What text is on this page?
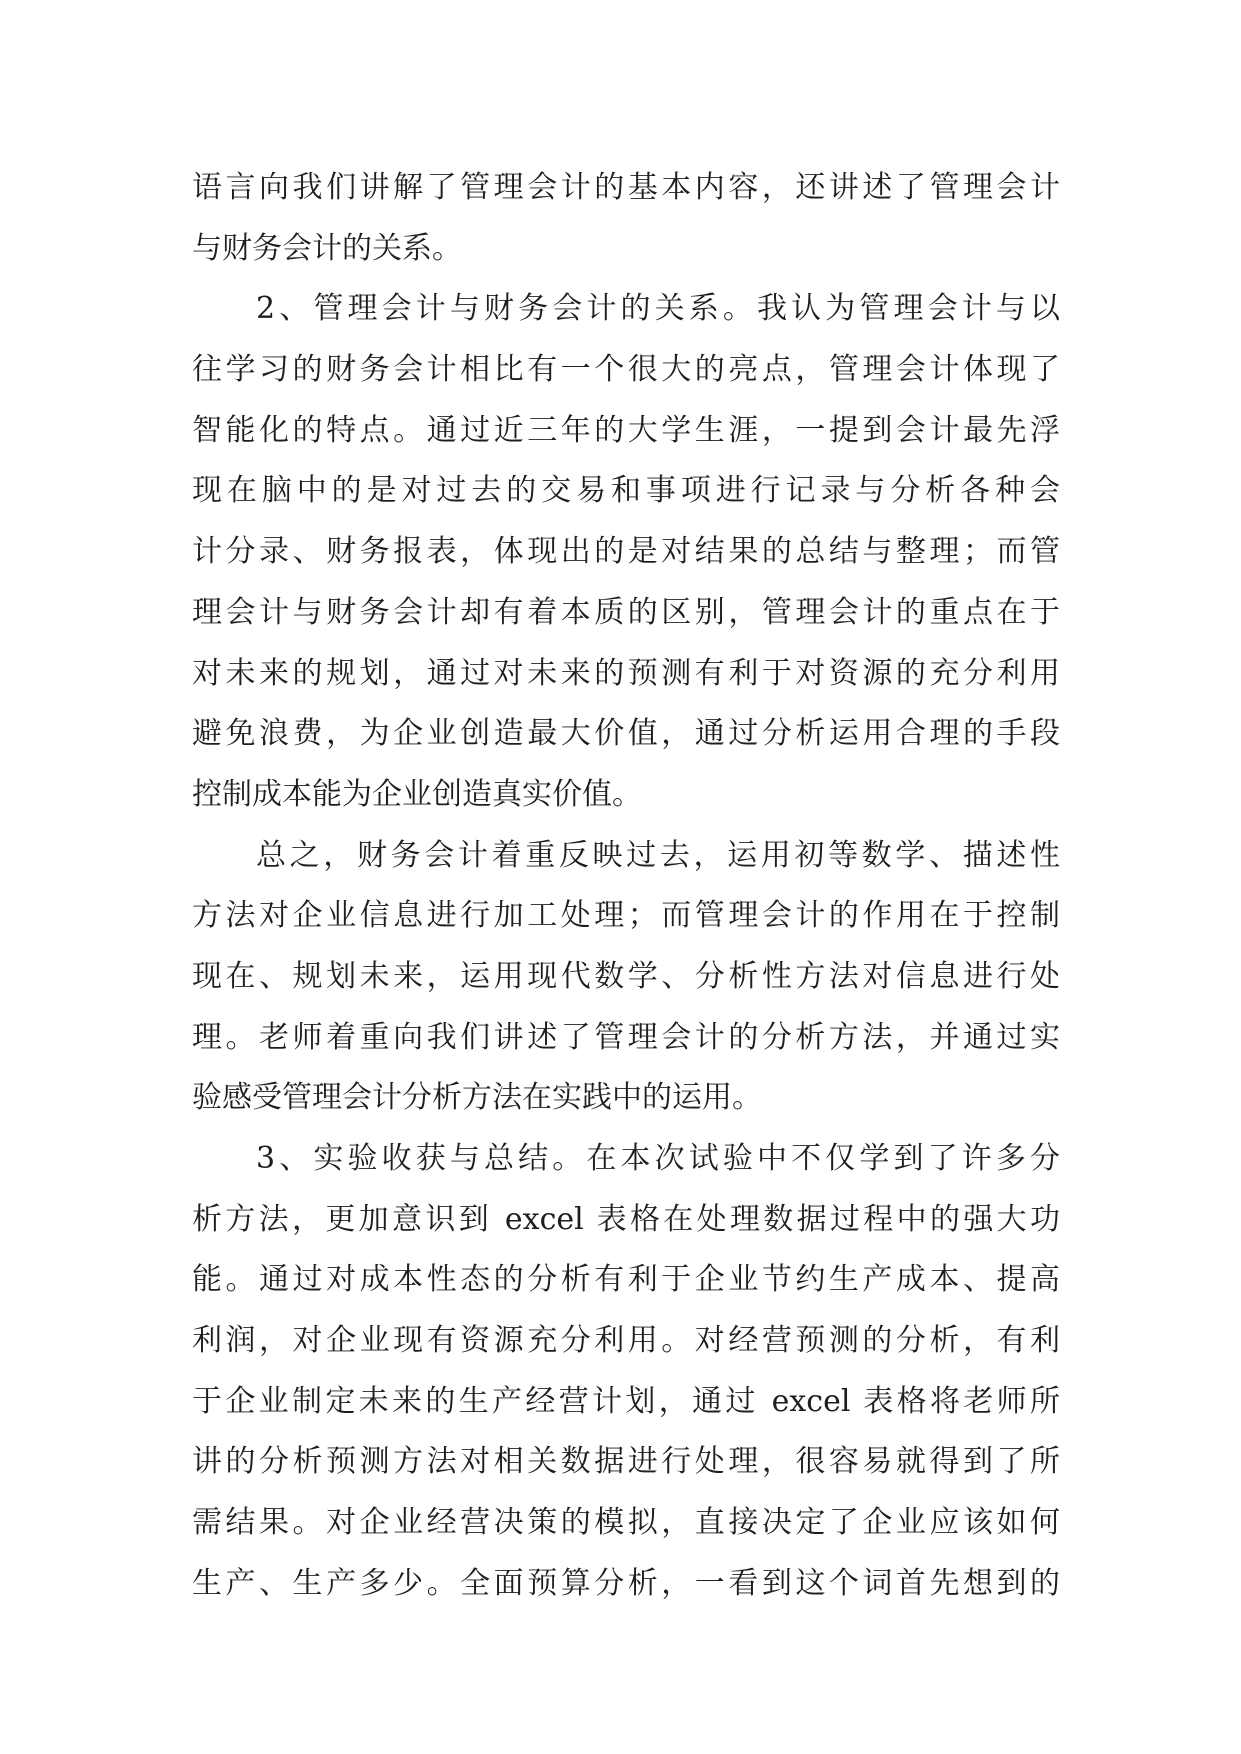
语言向我们讲解了管理会计的基本内容，还讲述了管理会计
与财务会计的关系。
2、管理会计与财务会计的关系。我认为管理会计与以
往学习的财务会计相比有一个很大的亮点，管理会计体现了
智能化的特点。通过近三年的大学生涯，一提到会计最先浮
现在脑中的是对过去的交易和事项进行记录与分析各种会
计分录、财务报表，体现出的是对结果的总结与整理；而管
理会计与财务会计却有着本质的区别，管理会计的重点在于
对未来的规划，通过对未来的预测有利于对资源的充分利用
避免浪费，为企业创造最大价值，通过分析运用合理的手段
控制成本能为企业创造真实价值。
总之，财务会计着重反映过去，运用初等数学、描述性
方法对企业信息进行加工处理；而管理会计的作用在于控制
现在、规划未来，运用现代数学、分析性方法对信息进行处
理。老师着重向我们讲述了管理会计的分析方法，并通过实
验感受管理会计分析方法在实践中的运用。
3、实验收获与总结。在本次试验中不仅学到了许多分
析方法，更加意识到 excel 表格在处理数据过程中的强大功
能。通过对成本性态的分析有利于企业节约生产成本、提高
利润，对企业现有资源充分利用。对经营预测的分析，有利
于企业制定未来的生产经营计划，通过 excel 表格将老师所
讲的分析预测方法对相关数据进行处理，很容易就得到了所
需结果。对企业经营决策的模拟，直接决定了企业应该如何
生产、生产多少。全面预算分析，一看到这个词首先想到的
